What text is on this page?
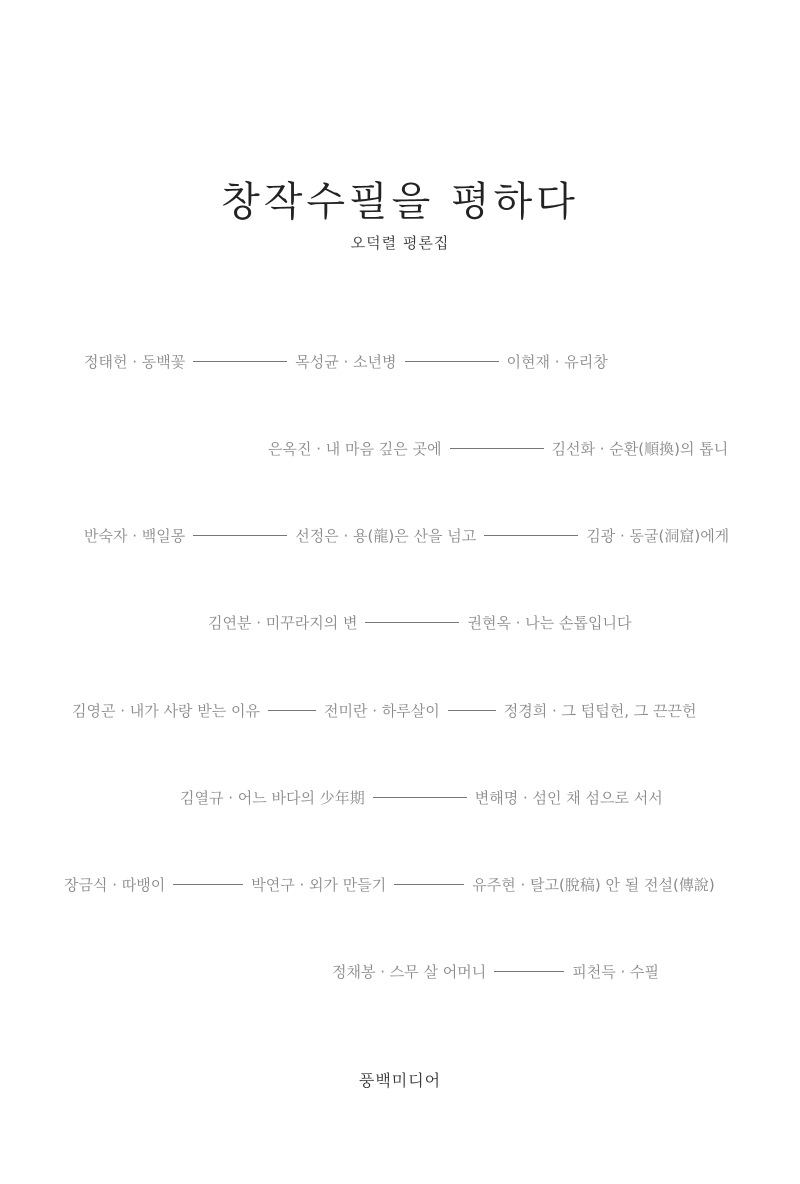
창작수필을 평하다
오덕렬 평론집
정태헌 · 동백꽃	목성균 · 소년병	이현재 · 유리창
은옥진 · 내 마음 깊은 곳에	김선화 · 순환(順換)의 톱니
반숙자 · 백일몽	선정은 · 용(龍)은 산을 넘고	김광 · 동굴(洞窟)에게
김연분 · 미꾸라지의 변	권현옥 · 나는 손톱입니다
김영곤 · 내가 사랑 받는 이유	전미란 · 하루살이	정경희 · 그 텁텁헌, 그 끈끈헌
김열규 · 어느 바다의 少年期	변해명 · 섬인 채 섬으로 서서
장금식 · 따뱅이	박연구 · 외가 만들기	유주현 · 탈고(脫稿) 안 될 전설(傳說)
정채봉 · 스무 살 어머니	피천득 · 수필
풍백미디어
